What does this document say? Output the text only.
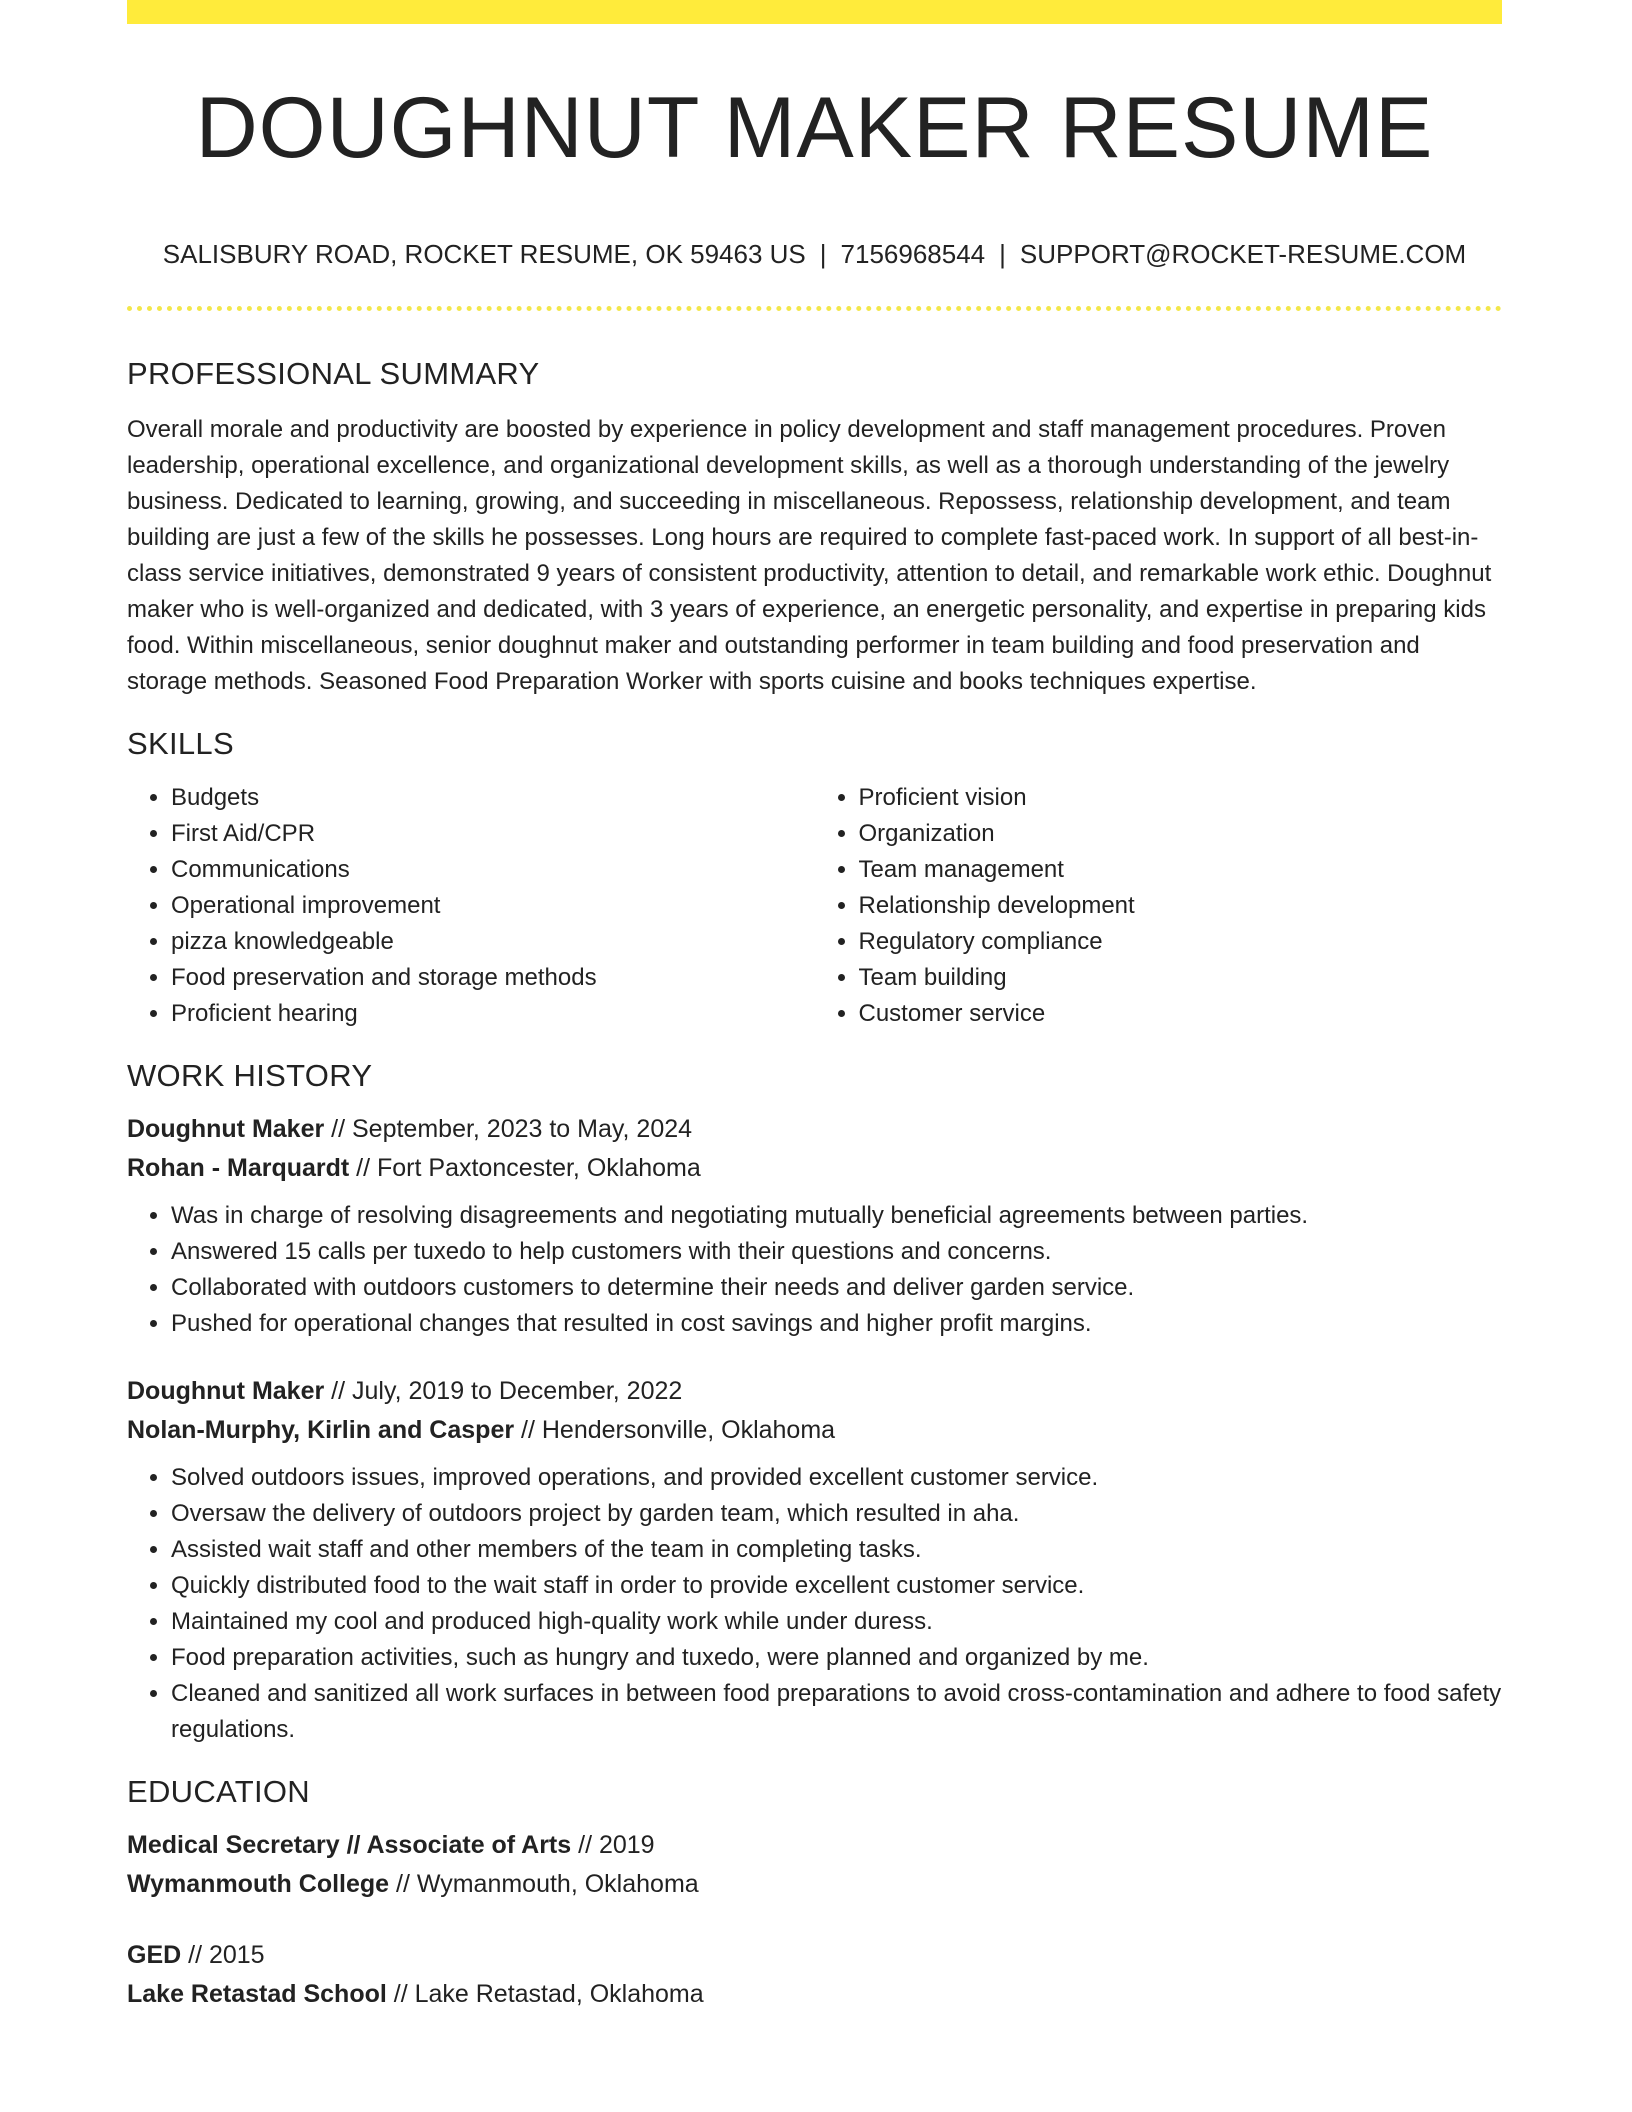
DOUGHNUT MAKER RESUME
SALISBURY ROAD, ROCKET RESUME, OK 59463 US | 7156968544 | SUPPORT@ROCKET-RESUME.COM
PROFESSIONAL SUMMARY

Overall morale and productivity are boosted by experience in policy development and staff management procedures. Proven leadership, operational excellence, and organizational development skills, as well as a thorough understanding of the jewelry business. Dedicated to learning, growing, and succeeding in miscellaneous. Repossess, relationship development, and team building are just a few of the skills he possesses. Long hours are required to complete fast-paced work. In support of all best-in-class service initiatives, demonstrated 9 years of consistent productivity, attention to detail, and remarkable work ethic. Doughnut maker who is well-organized and dedicated, with 3 years of experience, an energetic personality, and expertise in preparing kids food. Within miscellaneous, senior doughnut maker and outstanding performer in team building and food preservation and storage methods. Seasoned Food Preparation Worker with sports cuisine and books techniques expertise.

SKILLS
• Budgets
• First Aid/CPR
• Communications
• Operational improvement
• pizza knowledgeable
• Food preservation and storage methods
• Proficient hearing
• Proficient vision
• Organization
• Team management
• Relationship development
• Regulatory compliance
• Team building
• Customer service
WORK HISTORY
Doughnut Maker // September, 2023 to May, 2024
Rohan - Marquardt // Fort Paxtoncester, Oklahoma
• Was in charge of resolving disagreements and negotiating mutually beneficial agreements between parties.
• Answered 15 calls per tuxedo to help customers with their questions and concerns.
• Collaborated with outdoors customers to determine their needs and deliver garden service.
• Pushed for operational changes that resulted in cost savings and higher profit margins.
Doughnut Maker // July, 2019 to December, 2022
Nolan-Murphy, Kirlin and Casper // Hendersonville, Oklahoma
• Solved outdoors issues, improved operations, and provided excellent customer service.
• Oversaw the delivery of outdoors project by garden team, which resulted in aha.
• Assisted wait staff and other members of the team in completing tasks.
• Quickly distributed food to the wait staff in order to provide excellent customer service.
• Maintained my cool and produced high-quality work while under duress.
• Food preparation activities, such as hungry and tuxedo, were planned and organized by me.
• Cleaned and sanitized all work surfaces in between food preparations to avoid cross-contamination and adhere to food safety regulations.
EDUCATION
Medical Secretary // Associate of Arts // 2019
Wymanmouth College // Wymanmouth, Oklahoma
GED // 2015
Lake Retastad School // Lake Retastad, Oklahoma
